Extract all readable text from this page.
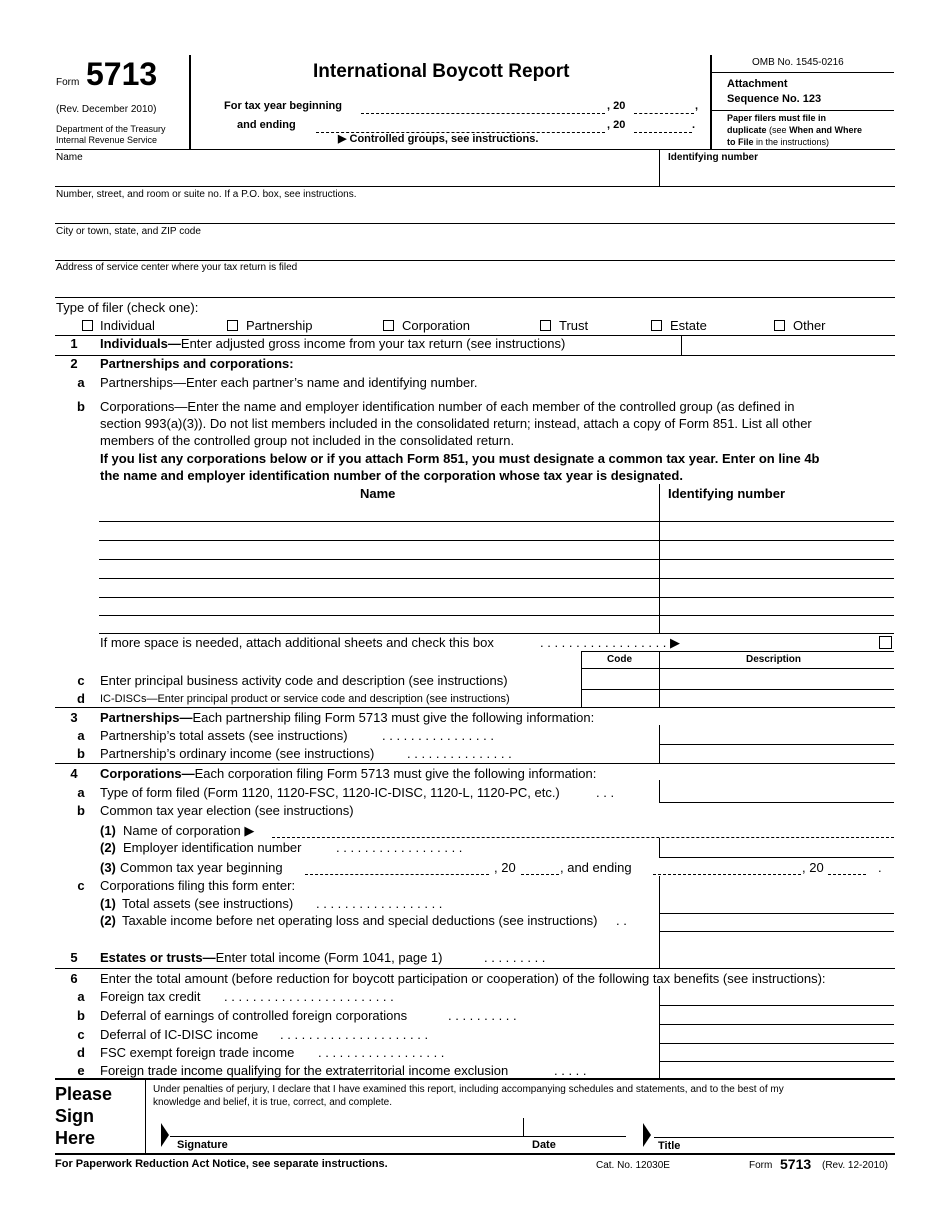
Form 5713
(Rev. December 2010)
Department of the Treasury
Internal Revenue Service
International Boycott Report
For tax year beginning	, 20	,
and ending	, 20	.
▶ Controlled groups, see instructions.
OMB No. 1545-0216
Attachment
Sequence No. 123
Paper filers must file in
duplicate (see When and Where
to File in the instructions)
Name	Identifying number
Number, street, and room or suite no. If a P.O. box, see instructions.
City or town, state, and ZIP code
Address of service center where your tax return is filed
Type of filer (check one):
Individual	Partnership	Corporation	Trust	Estate	Other
1	Individuals—Enter adjusted gross income from your tax return (see instructions)
2	Partnerships and corporations:
a	Partnerships—Enter each partner’s name and identifying number.
b	Corporations—Enter the name and employer identification number of each member of the controlled group (as defined in
section 993(a)(3)). Do not list members included in the consolidated return; instead, attach a copy of Form 851. List all other
members of the controlled group not included in the consolidated return.
If you list any corporations below or if you attach Form 851, you must designate a common tax year. Enter on line 4b
the name and employer identification number of the corporation whose tax year is designated.
Name	Identifying number
If more space is needed, attach additional sheets and check this box	. . . . . . . . . . . . . . . . . . ▶
Code	Description
c	Enter principal business activity code and description (see instructions)
d	IC-DISCs—Enter principal product or service code and description (see instructions)
3	Partnerships—Each partnership filing Form 5713 must give the following information:
a	Partnership’s total assets (see instructions)	. . . . . . . . . . . . . . . .
b	Partnership’s ordinary income (see instructions)	. . . . . . . . . . . . . . .
4	Corporations—Each corporation filing Form 5713 must give the following information:
a	Type of form filed (Form 1120, 1120-FSC, 1120-IC-DISC, 1120-L, 1120-PC, etc.)	. . .
b	Common tax year election (see instructions)
(1) Name of corporation ▶
(2) Employer identification number	. . . . . . . . . . . . . . . . . .
(3) Common tax year beginning	, 20	, and ending	, 20	.
c	Corporations filing this form enter:
(1) Total assets (see instructions) . . . . . . . . . . . . . . . . . .
(2) Taxable income before net operating loss and special deductions (see instructions) . .
5	Estates or trusts—Enter total income (Form 1041, page 1)	. . . . . . . . .
6	Enter the total amount (before reduction for boycott participation or cooperation) of the following tax benefits (see instructions):
a	Foreign tax credit . . . . . . . . . . . . . . . . . . . . . . . .
b	Deferral of earnings of controlled foreign corporations	. . . . . . . . . .
c	Deferral of IC-DISC income . . . . . . . . . . . . . . . . . . . . .
d	FSC exempt foreign trade income . . . . . . . . . . . . . . . . . .
e	Foreign trade income qualifying for the extraterritorial income exclusion	. . . . .
Please
Sign
Here
Under penalties of perjury, I declare that I have examined this report, including accompanying schedules and statements, and to the best of my
knowledge and belief, it is true, correct, and complete.
Signature	Date	Title
For Paperwork Reduction Act Notice, see separate instructions.	Cat. No. 12030E	Form 5713 (Rev. 12-2010)
